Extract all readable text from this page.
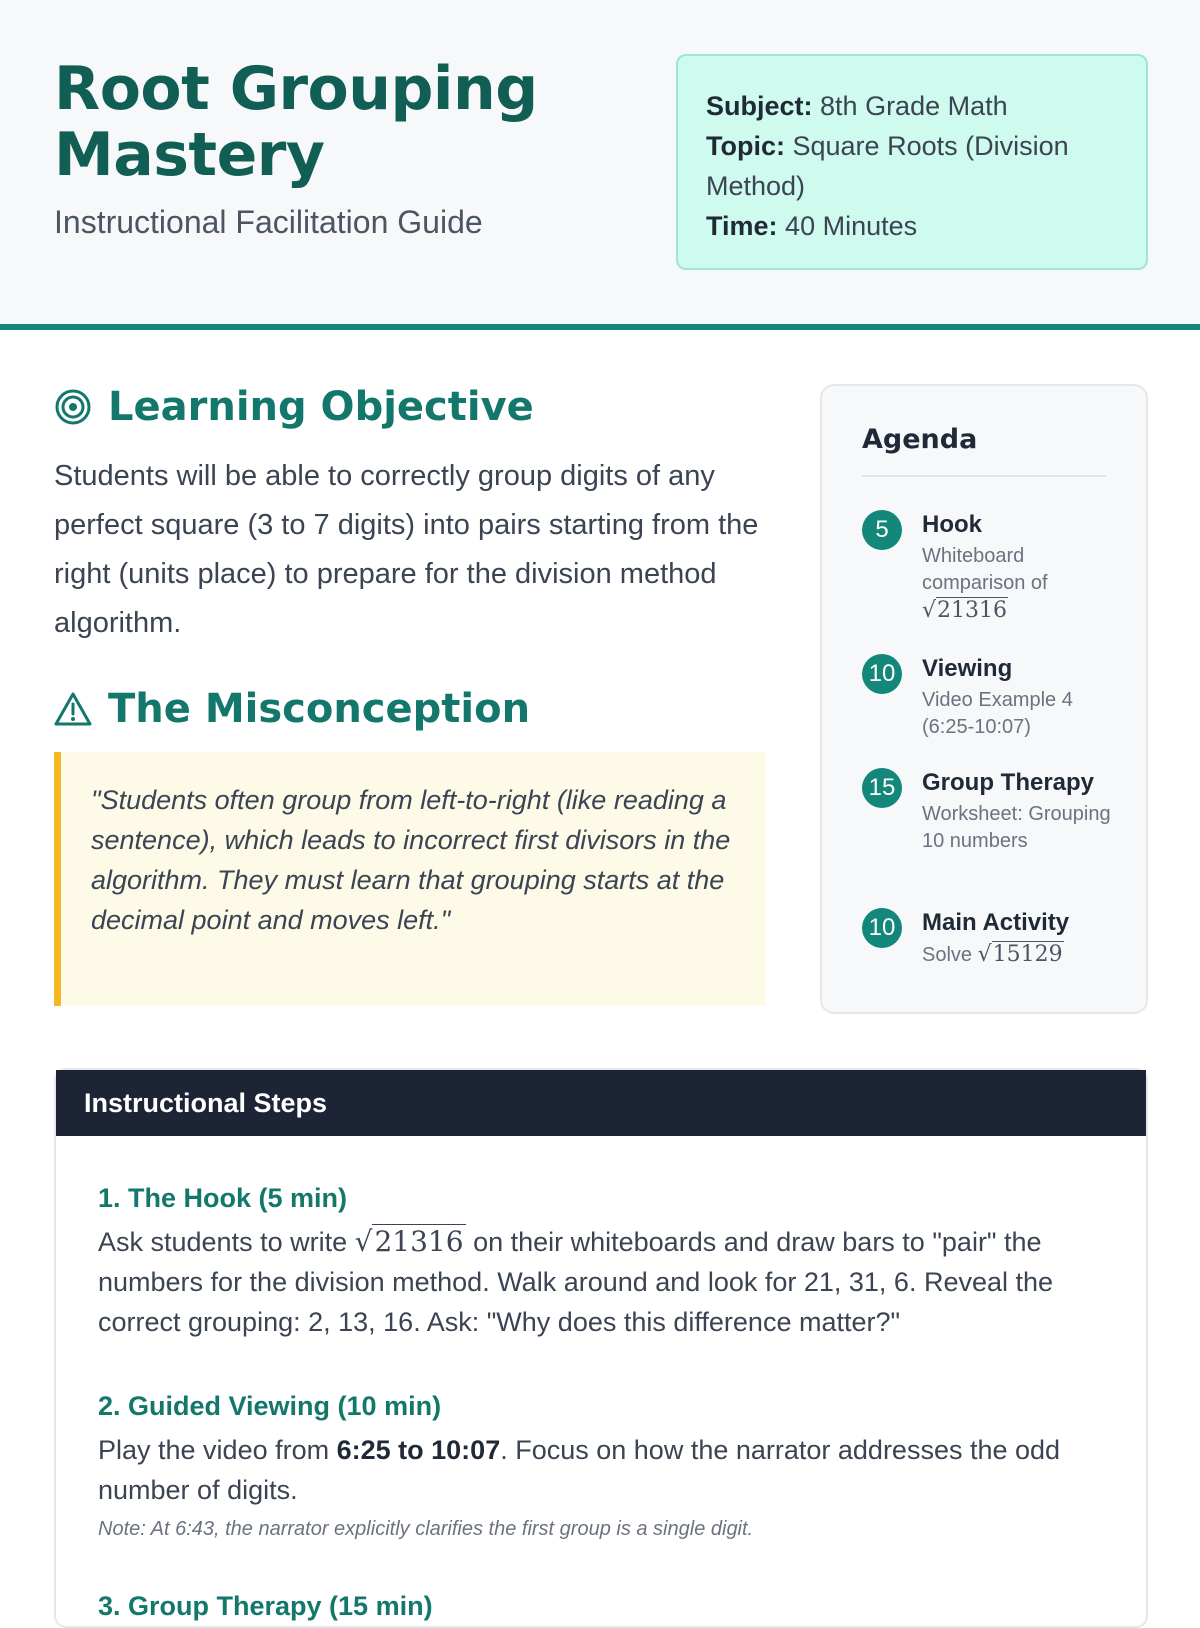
Root Grouping Mastery
Instructional Facilitation Guide
Subject: 8th Grade Math
Topic: Square Roots (Division Method)
Time: 40 Minutes
Learning Objective

Students will be able to correctly group digits of any perfect square (3 to 7 digits) into pairs starting from the right (units place) to prepare for the division method algorithm.

The Misconception
"Students often group from left-to-right (like reading a sentence), which leads to incorrect first divisors in the algorithm. They must learn that grouping starts at the decimal point and moves left."
Agenda
5	Hook
Whiteboard comparison of √21316
10 Viewing
Video Example 4 (6:25-10:07)
15 Group Therapy
Worksheet: Grouping 10 numbers
10 Main Activity
Solve √15129
Instructional Steps
1. The Hook (5 min)

Ask students to write √21316 on their whiteboards and draw bars to "pair" the numbers for the division method. Walk around and look for 21, 31, 6. Reveal the correct grouping: 2, 13, 16. Ask: "Why does this difference matter?"

2. Guided Viewing (10 min)

Play the video from 6:25 to 10:07. Focus on how the narrator addresses the odd number of digits.

Note: At 6:43, the narrator explicitly clarifies the first group is a single digit.
3. Group Therapy (15 min)
